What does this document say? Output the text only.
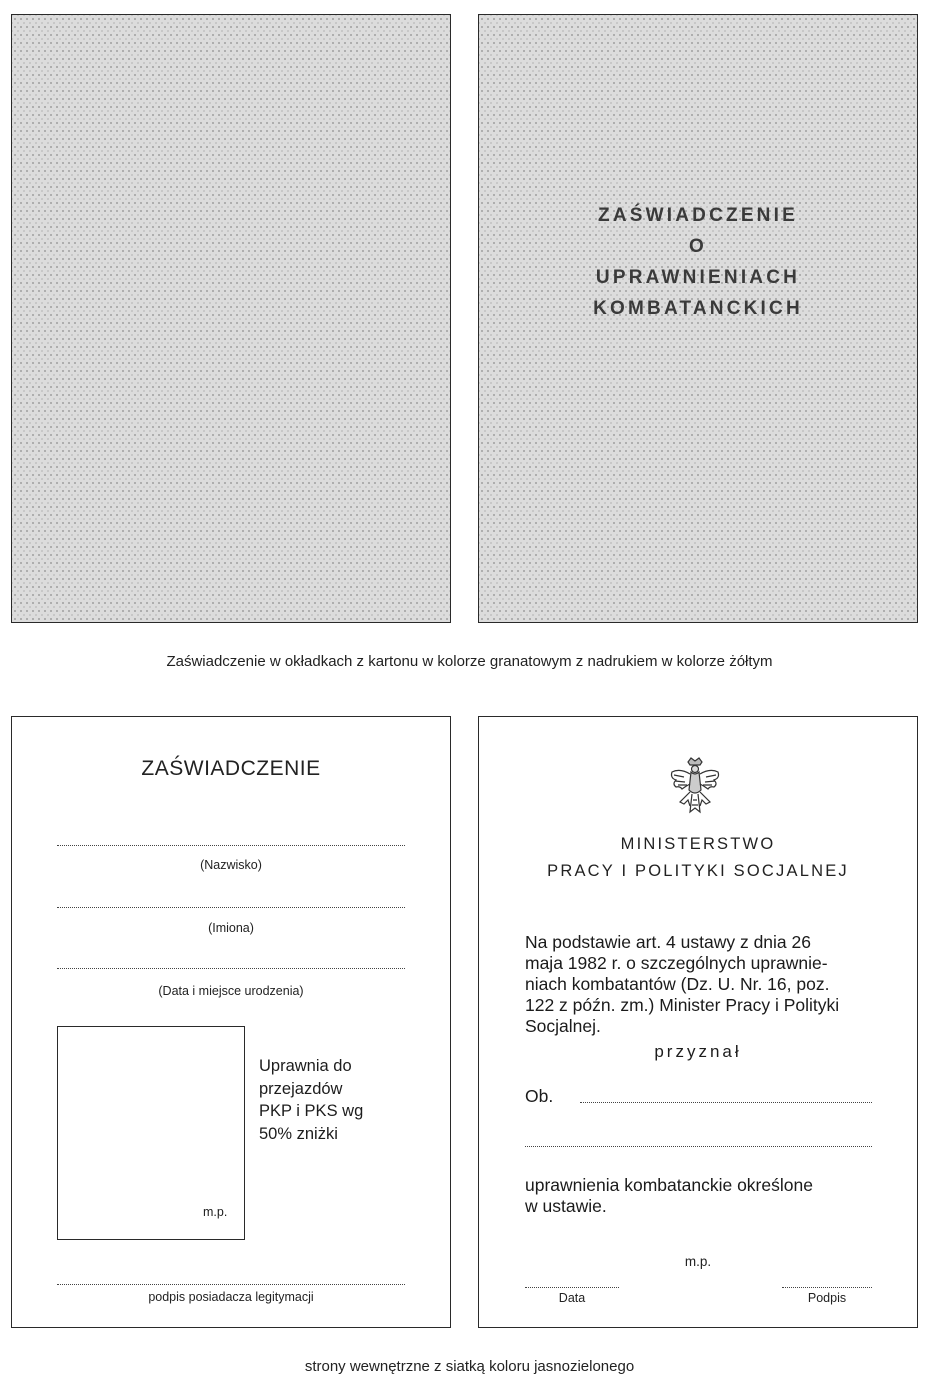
ZAŚWIADCZENIE
O
UPRAWNIENIACH
KOMBATANCKICH
Zaświadczenie w okładkach z kartonu w kolorze granatowym z nadrukiem w kolorze żółtym
ZAŚWIADCZENIE
(Nazwisko)
(Imiona)
(Data i miejsce urodzenia)
m.p.
Uprawnia do
przejazdów
PKP i PKS wg
50% zniżki
podpis posiadacza legitymacji
MINISTERSTWO
PRACY I POLITYKI SOCJALNEJ
Na podstawie art. 4 ustawy z dnia 26
maja 1982 r. o szczególnych uprawnie-
niach kombatantów (Dz. U. Nr. 16, poz.
122 z późn. zm.) Minister Pracy i Polityki
Socjalnej.
przyznał
Ob.
uprawnienia kombatanckie określone
w ustawie.
m.p.
Data	Podpis
strony wewnętrzne z siatką koloru jasnozielonego
